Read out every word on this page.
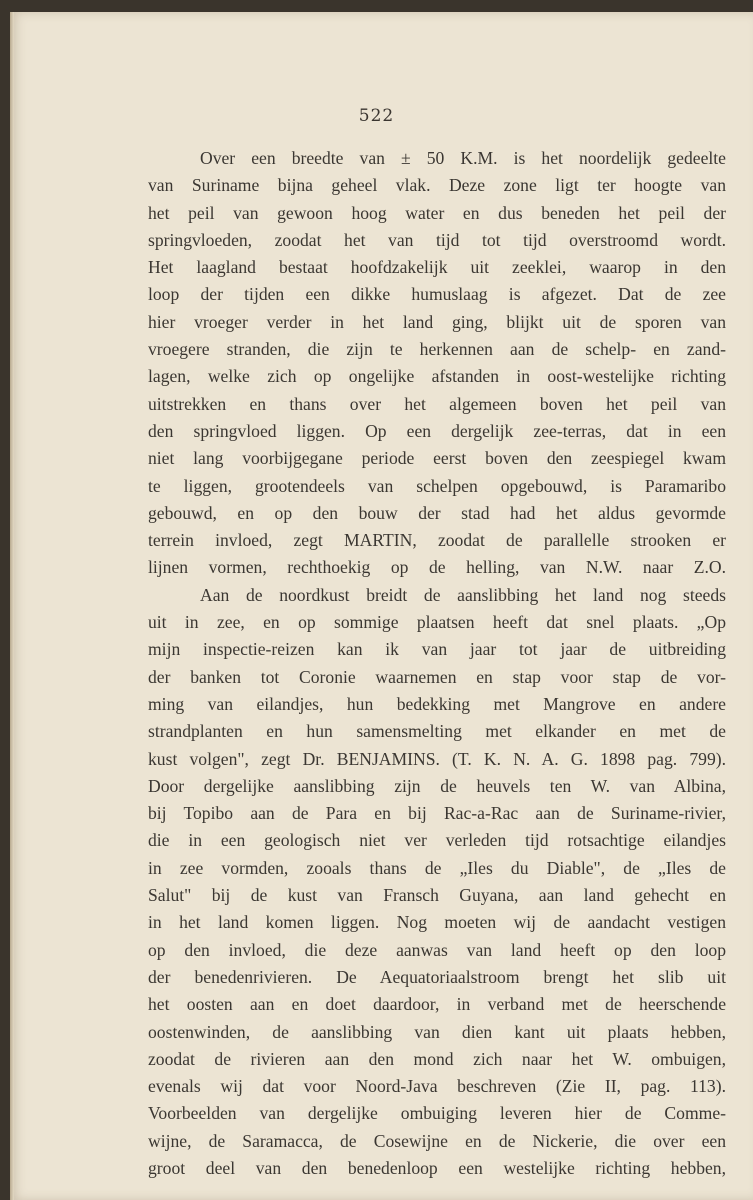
522
Over een breedte van ± 50 K.M. is het noordelijk gedeelte
van Suriname bijna geheel vlak. Deze zone ligt ter hoogte van
het peil van gewoon hoog water en dus beneden het peil der
springvloeden, zoodat het van tijd tot tijd overstroomd wordt.
Het laagland bestaat hoofdzakelijk uit zeeklei, waarop in den
loop der tijden een dikke humuslaag is afgezet. Dat de zee
hier vroeger verder in het land ging, blijkt uit de sporen van
vroegere stranden, die zijn te herkennen aan de schelp- en zand-
lagen, welke zich op ongelijke afstanden in oost-westelijke richting
uitstrekken en thans over het algemeen boven het peil van
den springvloed liggen. Op een dergelijk zee-terras, dat in een
niet lang voorbijgegane periode eerst boven den zeespiegel kwam
te liggen, grootendeels van schelpen opgebouwd, is Paramaribo
gebouwd, en op den bouw der stad had het aldus gevormde
terrein invloed, zegt MARTIN, zoodat de parallelle strooken er
lijnen vormen, rechthoekig op de helling, van N.W. naar Z.O.
Aan de noordkust breidt de aanslibbing het land nog steeds
uit in zee, en op sommige plaatsen heeft dat snel plaats. „Op
mijn inspectie-reizen kan ik van jaar tot jaar de uitbreiding
der banken tot Coronie waarnemen en stap voor stap de vor-
ming van eilandjes, hun bedekking met Mangrove en andere
strandplanten en hun samensmelting met elkander en met de
kust volgen", zegt Dr. BENJAMINS. (T. K. N. A. G. 1898 pag. 799).
Door dergelijke aanslibbing zijn de heuvels ten W. van Albina,
bij Topibo aan de Para en bij Rac-a-Rac aan de Suriname-rivier,
die in een geologisch niet ver verleden tijd rotsachtige eilandjes
in zee vormden, zooals thans de „Iles du Diable", de „Iles de
Salut" bij de kust van Fransch Guyana, aan land gehecht en
in het land komen liggen. Nog moeten wij de aandacht vestigen
op den invloed, die deze aanwas van land heeft op den loop
der benedenrivieren. De Aequatoriaalstroom brengt het slib uit
het oosten aan en doet daardoor, in verband met de heerschende
oostenwinden, de aanslibbing van dien kant uit plaats hebben,
zoodat de rivieren aan den mond zich naar het W. ombuigen,
evenals wij dat voor Noord-Java beschreven (Zie II, pag. 113).
Voorbeelden van dergelijke ombuiging leveren hier de Comme-
wijne, de Saramacca, de Cosewijne en de Nickerie, die over een
groot deel van den benedenloop een westelijke richting hebben,
